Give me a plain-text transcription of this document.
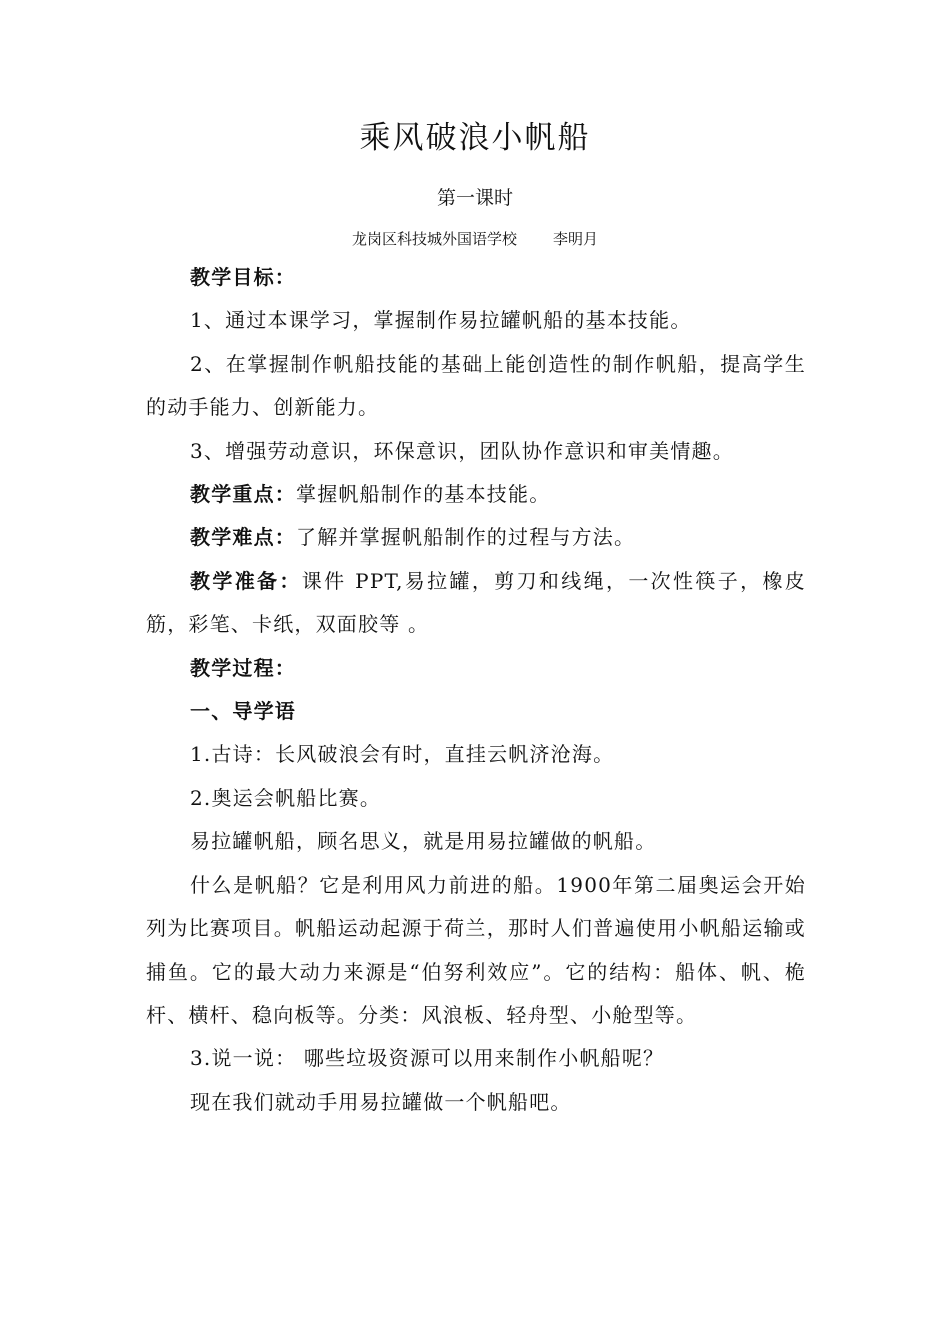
乘风破浪小帆船
第一课时
龙岗区科技城外国语学校 李明月

教学目标：

1、通过本课学习，掌握制作易拉罐帆船的基本技能。

2、在掌握制作帆船技能的基础上能创造性的制作帆船，提高学生的动手能力、创新能力。

3、增强劳动意识，环保意识，团队协作意识和审美情趣。

教学重点：掌握帆船制作的基本技能。

教学难点：了解并掌握帆船制作的过程与方法。

教学准备：课件 PPT,易拉罐，剪刀和线绳，一次性筷子，橡皮筋，彩笔、卡纸，双面胶等 。

教学过程：

一、导学语

1.古诗：长风破浪会有时，直挂云帆济沧海。

2.奥运会帆船比赛。

易拉罐帆船，顾名思义，就是用易拉罐做的帆船。

什么是帆船？它是利用风力前进的船。1900年第二届奥运会开始列为比赛项目。帆船运动起源于荷兰，那时人们普遍使用小帆船运输或捕鱼。它的最大动力来源是“伯努利效应”。它的结构：船体、帆、桅杆、横杆、稳向板等。分类：风浪板、轻舟型、小舱型等。

3.说一说： 哪些垃圾资源可以用来制作小帆船呢？

现在我们就动手用易拉罐做一个帆船吧。
